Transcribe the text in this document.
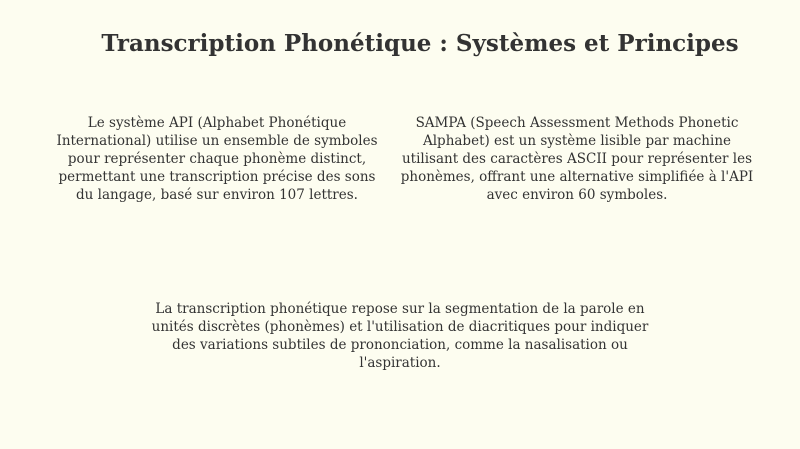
Transcription Phonétique : Systèmes et Principes

Le système API (Alphabet Phonétique International) utilise un ensemble de symboles pour représenter chaque phonème distinct, permettant une transcription précise des sons du langage, basé sur environ 107 lettres.

SAMPA (Speech Assessment Methods Phonetic Alphabet) est un système lisible par machine utilisant des caractères ASCII pour représenter les phonèmes, offrant une alternative simplifiée à l'API avec environ 60 symboles.

La transcription phonétique repose sur la segmentation de la parole en unités discrètes (phonèmes) et l'utilisation de diacritiques pour indiquer des variations subtiles de prononciation, comme la nasalisation ou l'aspiration.
